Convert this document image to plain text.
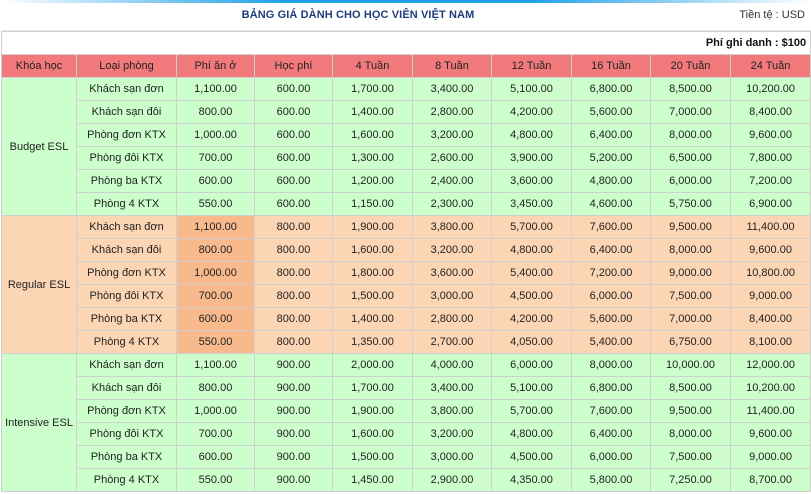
BẢNG GIÁ DÀNH CHO HỌC VIÊN VIỆT NAM	Tiền tệ : USD
Phí ghi danh : $100									
Khóa học	Loại phòng	Phí ăn ở	Học phí	4 Tuần	8 Tuần	12 Tuần	16 Tuần	20 Tuần	24 Tuần
Budget ESL	Khách sạn đơn	1,100.00	600.00	1,700.00	3,400.00	5,100.00	6,800.00	8,500.00	10,200.00
	Khách sạn đôi	800.00	600.00	1,400.00	2,800.00	4,200.00	5,600.00	7,000.00	8,400.00
	Phòng đơn KTX	1,000.00	600.00	1,600.00	3,200.00	4,800.00	6,400.00	8,000.00	9,600.00
	Phòng đôi KTX	700.00	600.00	1,300.00	2,600.00	3,900.00	5,200.00	6,500.00	7,800.00
	Phòng ba KTX	600.00	600.00	1,200.00	2,400.00	3,600.00	4,800.00	6,000.00	7,200.00
	Phòng 4 KTX	550.00	600.00	1,150.00	2,300.00	3,450.00	4,600.00	5,750.00	6,900.00
Regular ESL	Khách sạn đơn	1,100.00	800.00	1,900.00	3,800.00	5,700.00	7,600.00	9,500.00	11,400.00
	Khách sạn đôi	800.00	800.00	1,600.00	3,200.00	4,800.00	6,400.00	8,000.00	9,600.00
	Phòng đơn KTX	1,000.00	800.00	1,800.00	3,600.00	5,400.00	7,200.00	9,000.00	10,800.00
	Phòng đôi KTX	700.00	800.00	1,500.00	3,000.00	4,500.00	6,000.00	7,500.00	9,000.00
	Phòng ba KTX	600.00	800.00	1,400.00	2,800.00	4,200.00	5,600.00	7,000.00	8,400.00
	Phòng 4 KTX	550.00	800.00	1,350.00	2,700.00	4,050.00	5,400.00	6,750.00	8,100.00
Intensive ESL	Khách sạn đơn	1,100.00	900.00	2,000.00	4,000.00	6,000.00	8,000.00	10,000.00	12,000.00
	Khách sạn đôi	800.00	900.00	1,700.00	3,400.00	5,100.00	6,800.00	8,500.00	10,200.00
	Phòng đơn KTX	1,000.00	900.00	1,900.00	3,800.00	5,700.00	7,600.00	9,500.00	11,400.00
	Phòng đôi KTX	700.00	900.00	1,600.00	3,200.00	4,800.00	6,400.00	8,000.00	9,600.00
	Phòng ba KTX	600.00	900.00	1,500.00	3,000.00	4,500.00	6,000.00	7,500.00	9,000.00
	Phòng 4 KTX	550.00	900.00	1,450.00	2,900.00	4,350.00	5,800.00	7,250.00	8,700.00
